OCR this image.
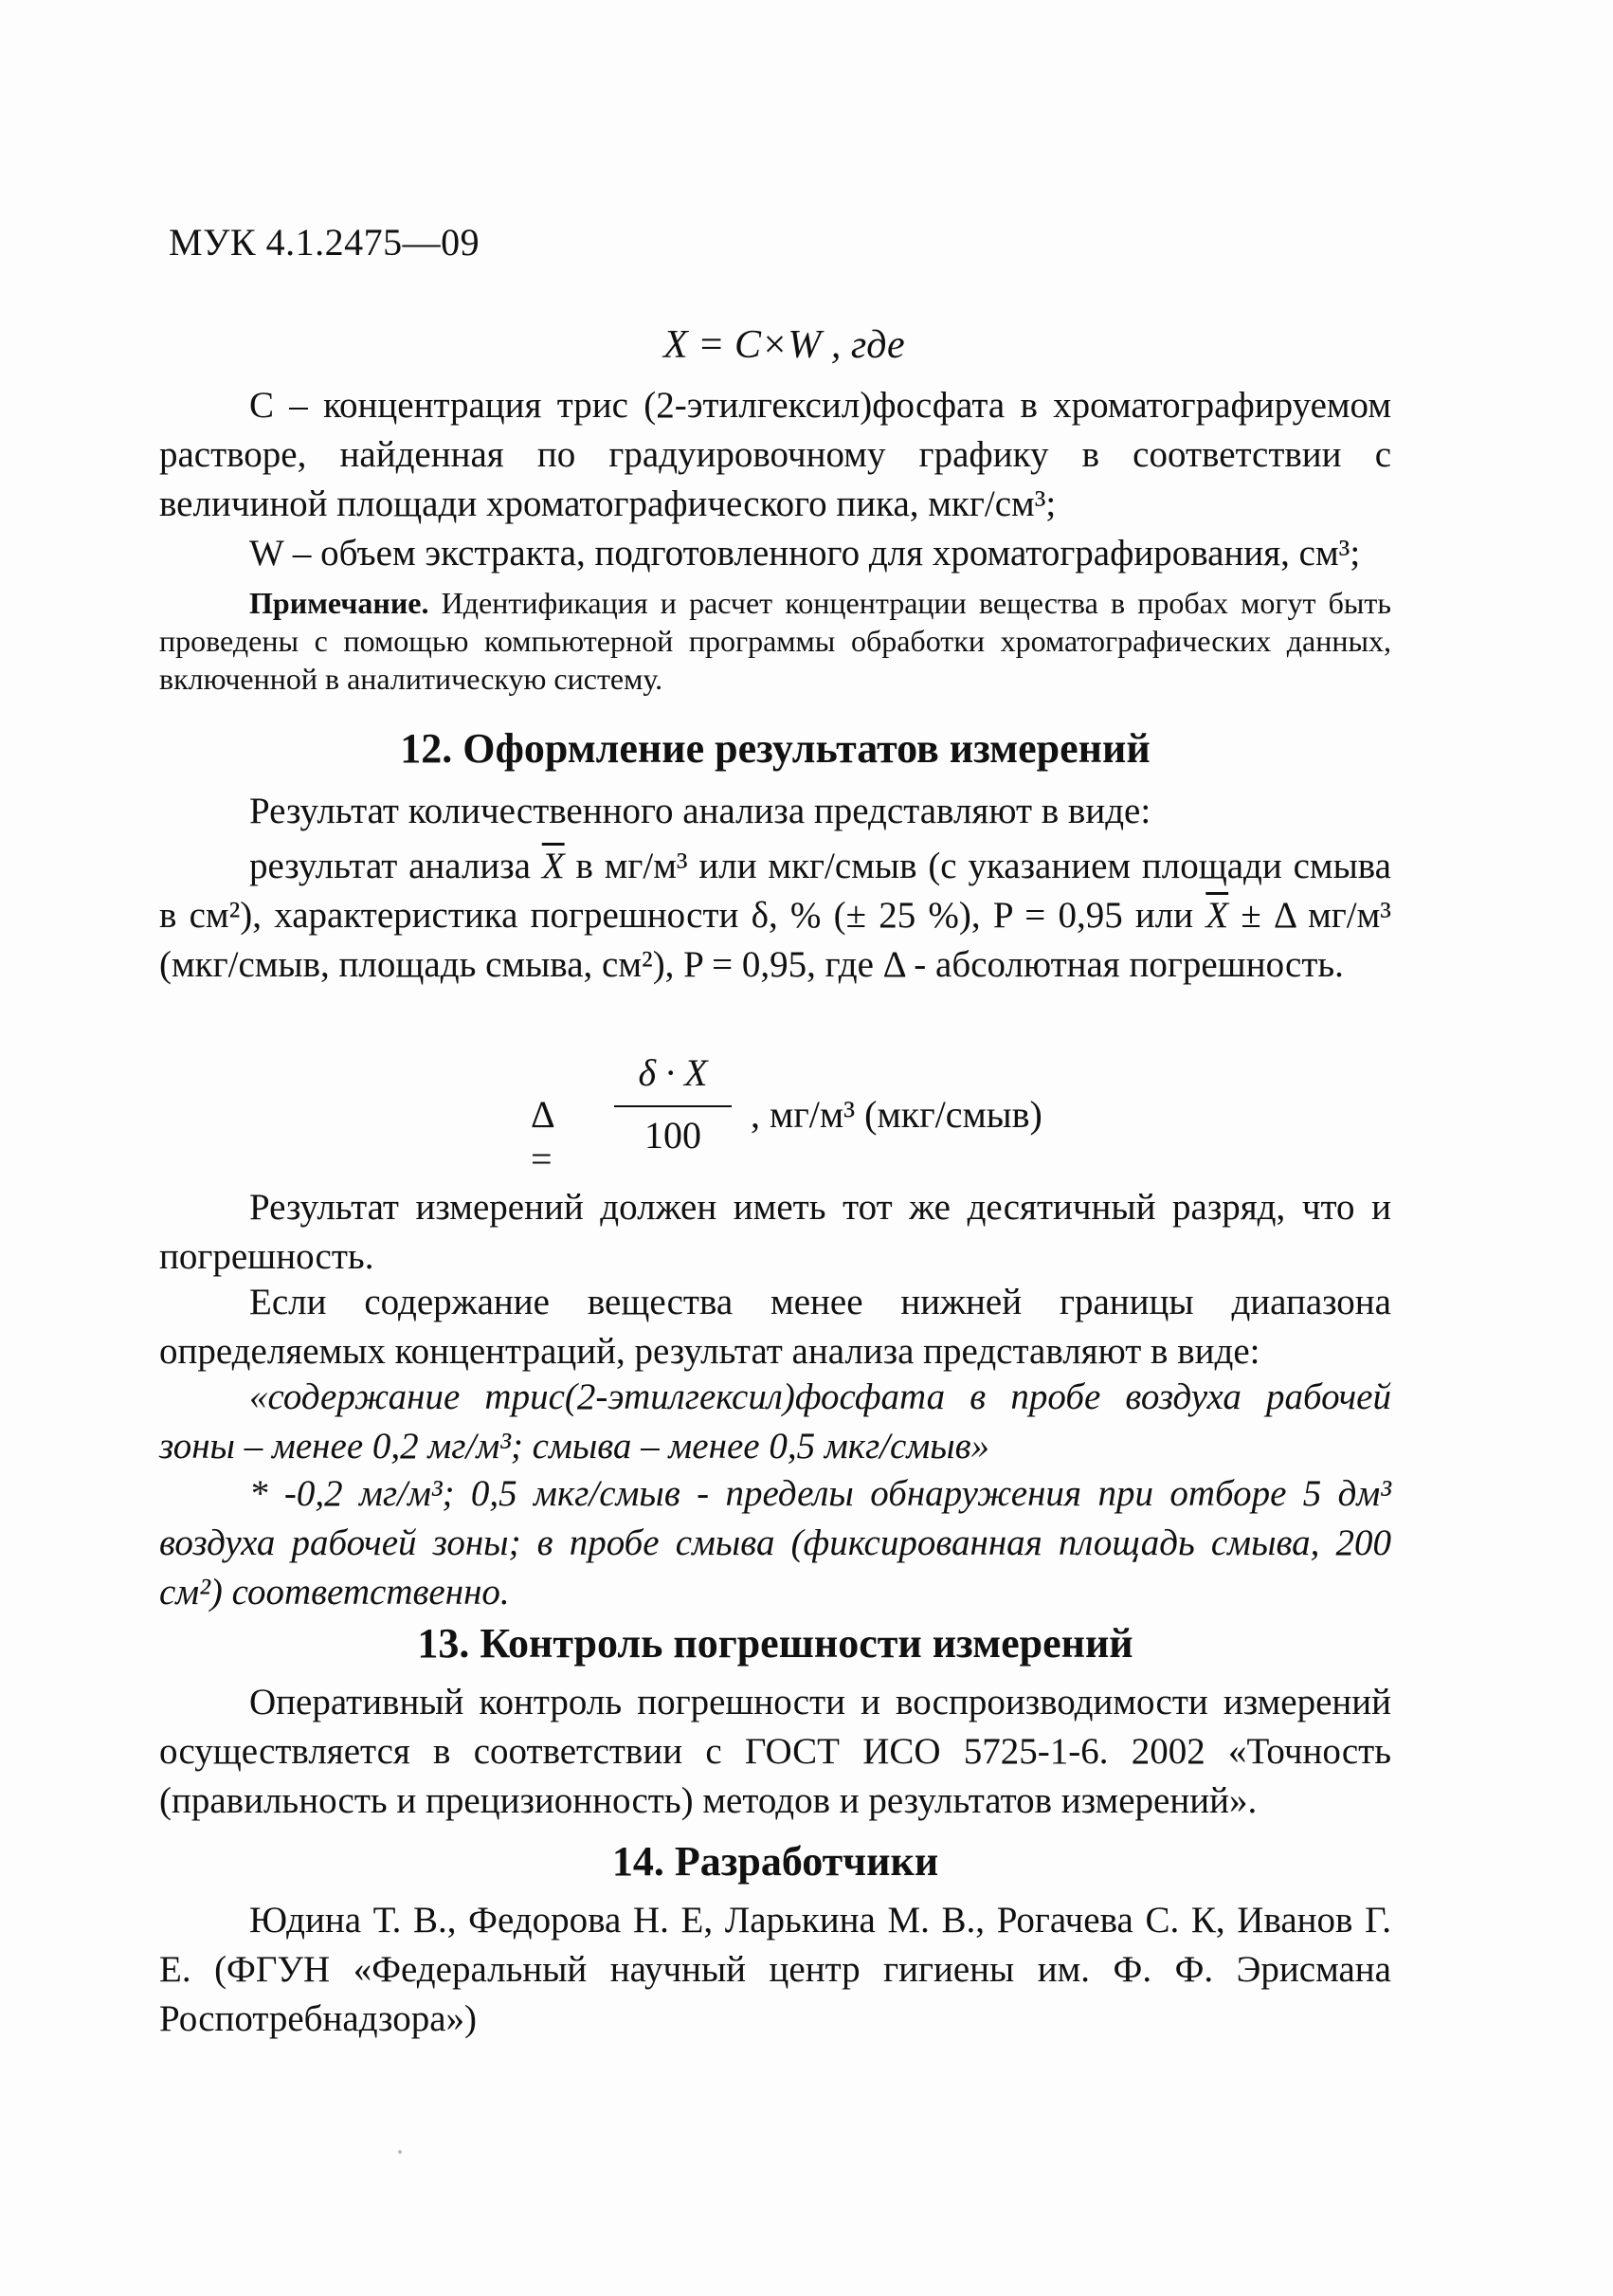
МУК 4.1.2475—09
X = C×W , где
С – концентрация трис (2-этилгексил)фосфата в хроматографируемом растворе, найденная по градуировочному графику в соответствии с величиной площади хроматографического пика, мкг/см³;
W – объем экстракта, подготовленного для хроматографирования, см³;
Примечание. Идентификация и расчет концентрации вещества в пробах могут быть проведены с помощью компьютерной программы обработки хроматографических данных, включенной в аналитическую систему.
12. Оформление результатов измерений
Результат количественного анализа представляют в виде:
результат анализа $\overline{X}$ в мг/м³ или мкг/смыв (с указанием площади смыва в см²), характеристика погрешности δ, % (± 25 %), P = 0,95 или $\overline{X} \pm \Delta$ мг/м³ (мкг/смыв, площадь смыва, см²), P = 0,95, где Δ - абсолютная погрешность.
Δ =
δ · X
100	, мг/м³ (мкг/смыв)
Результат измерений должен иметь тот же десятичный разряд, что и погрешность.
Если содержание вещества менее нижней границы диапазона определяемых концентраций, результат анализа представляют в виде:
«содержание трис(2-этилгексил)фосфата в пробе воздуха рабочей зоны – менее 0,2 мг/м³; смыва – менее 0,5 мкг/смыв»
* -0,2 мг/м³; 0,5 мкг/смыв - пределы обнаружения при отборе 5 дм³ воздуха рабочей зоны; в пробе смыва (фиксированная площадь смыва, 200 см²) соответственно.
13. Контроль погрешности измерений
Оперативный контроль погрешности и воспроизводимости измерений осуществляется в соответствии с ГОСТ ИСО 5725-1-6. 2002 «Точность (правильность и прецизионность) методов и результатов измерений».
14. Разработчики
Юдина Т. В., Федорова Н. Е, Ларькина М. В., Рогачева С. К, Иванов Г. Е. (ФГУН «Федеральный научный центр гигиены им. Ф. Ф. Эрисмана Роспотребнадзора»)
